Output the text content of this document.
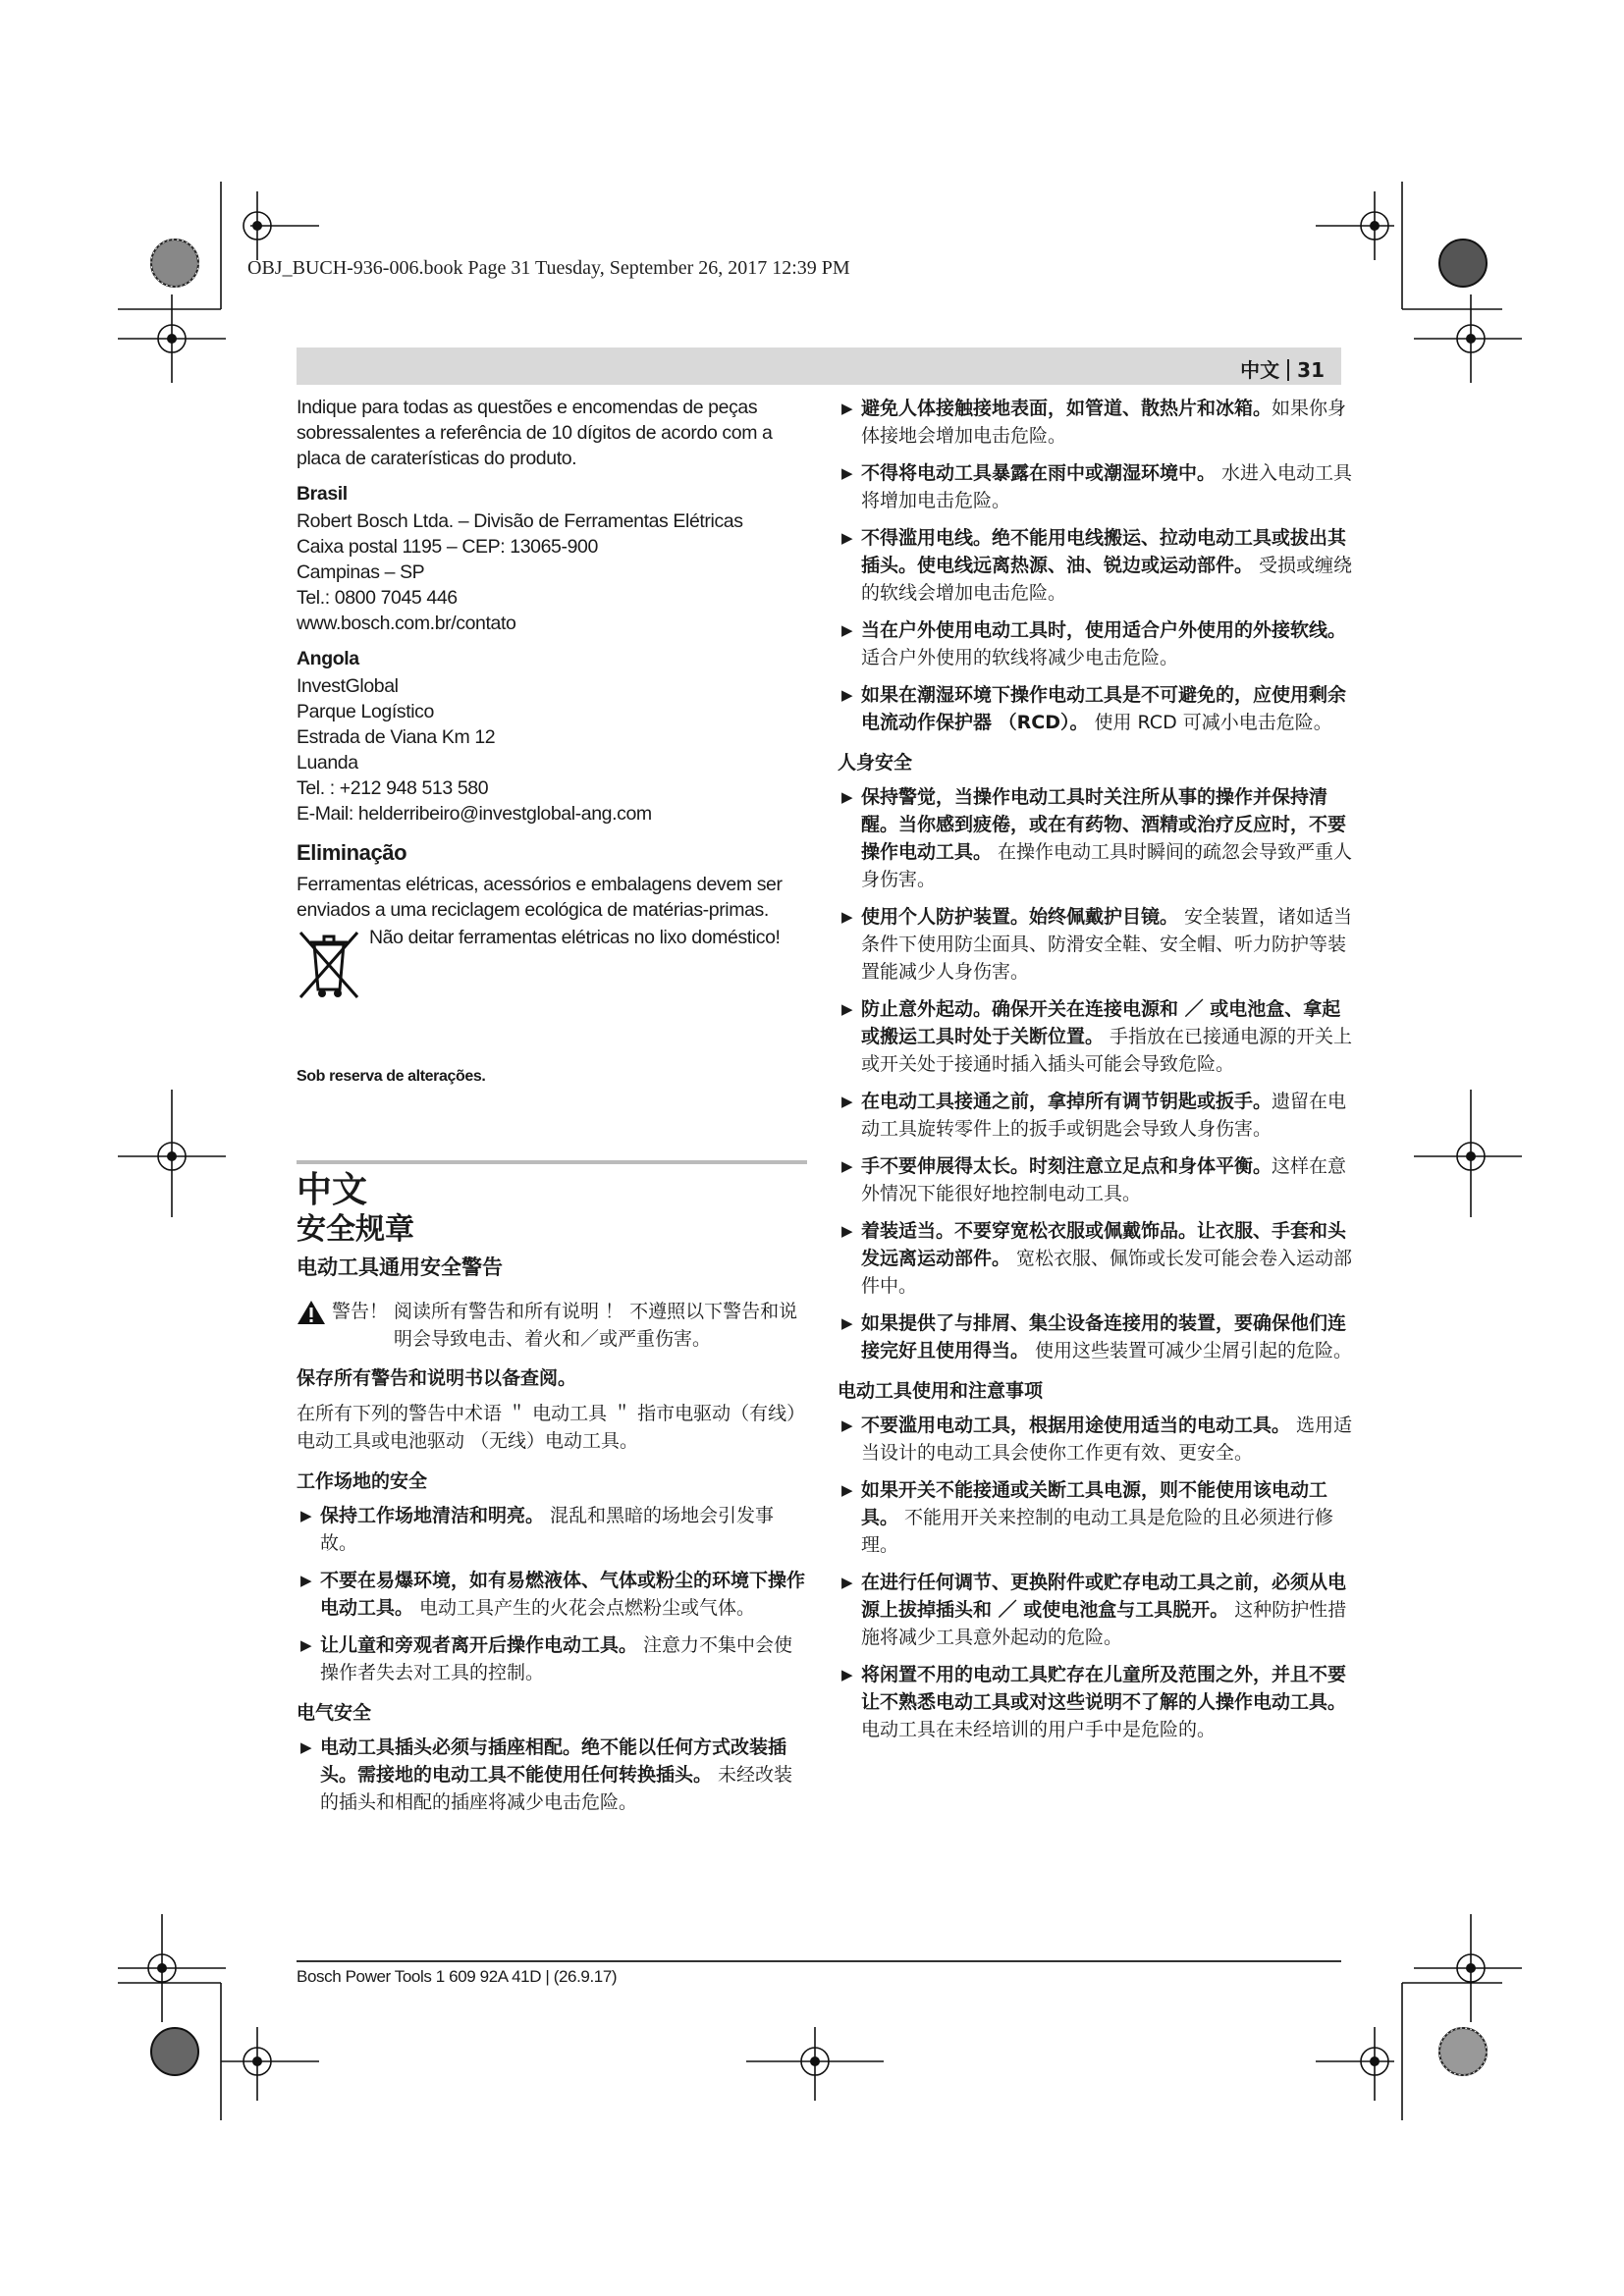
OBJ_BUCH-936-006.book Page 31 Tuesday, September 26, 2017 12:39 PM
中文 31

Indique para todas as questões e encomendas de peças sobressalentes a referência de 10 dígitos de acordo com a placa de caraterísticas do produto.

Brasil
Robert Bosch Ltda. – Divisão de Ferramentas Elétricas
Caixa postal 1195 – CEP: 13065-900
Campinas – SP
Tel.: 0800 7045 446
www.bosch.com.br/contato
Angola
InvestGlobal
Parque Logístico
Estrada de Viana Km 12
Luanda
Tel. : +212 948 513 580
E-Mail: helderribeiro@investglobal-ang.com
Eliminação

Ferramentas elétricas, acessórios e embalagens devem ser enviados a uma reciclagem ecológica de matérias-primas.

Não deitar ferramentas elétricas no lixo doméstico!
Sob reserva de alterações.
中文
安全规章
电动工具通用安全警告
警告！ 阅读所有警告和所有说明 ！ 不遵照以下警告和说明会导致电击、着火和／或严重伤害。
保存所有警告和说明书以备查阅。
在所有下列的警告中术语 ＂ 电动工具 ＂ 指市电驱动（有线）电动工具或电池驱动 （无线）电动工具。
工作场地的安全
▶ 保持工作场地清洁和明亮。 混乱和黑暗的场地会引发事故。
▶ 不要在易爆环境，如有易燃液体、气体或粉尘的环境下操作电动工具。 电动工具产生的火花会点燃粉尘或气体。
▶ 让儿童和旁观者离开后操作电动工具。 注意力不集中会使操作者失去对工具的控制。
电气安全
▶ 电动工具插头必须与插座相配。绝不能以任何方式改装插头。需接地的电动工具不能使用任何转换插头。 未经改装的插头和相配的插座将减少电击危险。
▶ 避免人体接触接地表面，如管道、散热片和冰箱。如果你身体接地会增加电击危险。
▶ 不得将电动工具暴露在雨中或潮湿环境中。 水进入电动工具将增加电击危险。
▶ 不得滥用电线。绝不能用电线搬运、拉动电动工具或拔出其插头。使电线远离热源、油、锐边或运动部件。 受损或缠绕的软线会增加电击危险。
▶ 当在户外使用电动工具时，使用适合户外使用的外接软线。 适合户外使用的软线将减少电击危险。
▶ 如果在潮湿环境下操作电动工具是不可避免的，应使用剩余电流动作保护器 （RCD）。 使用 RCD 可减小电击危险。
人身安全
▶ 保持警觉，当操作电动工具时关注所从事的操作并保持清醒。当你感到疲倦，或在有药物、酒精或治疗反应时，不要操作电动工具。 在操作电动工具时瞬间的疏忽会导致严重人身伤害。
▶ 使用个人防护装置。始终佩戴护目镜。 安全装置，诸如适当条件下使用防尘面具、防滑安全鞋、安全帽、听力防护等装置能减少人身伤害。
▶ 防止意外起动。确保开关在连接电源和 ／ 或电池盒、拿起或搬运工具时处于关断位置。 手指放在已接通电源的开关上或开关处于接通时插入插头可能会导致危险。
▶ 在电动工具接通之前，拿掉所有调节钥匙或扳手。遗留在电动工具旋转零件上的扳手或钥匙会导致人身伤害。
▶ 手不要伸展得太长。时刻注意立足点和身体平衡。这样在意外情况下能很好地控制电动工具。
▶ 着装适当。不要穿宽松衣服或佩戴饰品。让衣服、手套和头发远离运动部件。 宽松衣服、佩饰或长发可能会卷入运动部件中。
▶ 如果提供了与排屑、集尘设备连接用的装置，要确保他们连接完好且使用得当。 使用这些装置可减少尘屑引起的危险。
电动工具使用和注意事项
▶ 不要滥用电动工具，根据用途使用适当的电动工具。 选用适当设计的电动工具会使你工作更有效、更安全。
▶ 如果开关不能接通或关断工具电源，则不能使用该电动工具。 不能用开关来控制的电动工具是危险的且必须进行修理。
▶ 在进行任何调节、更换附件或贮存电动工具之前，必须从电源上拔掉插头和 ／ 或使电池盒与工具脱开。 这种防护性措施将减少工具意外起动的危险。
▶ 将闲置不用的电动工具贮存在儿童所及范围之外，并且不要让不熟悉电动工具或对这些说明不了解的人操作电动工具。 电动工具在未经培训的用户手中是危险的。
Bosch Power Tools 1 609 92A 41D | (26.9.17)
